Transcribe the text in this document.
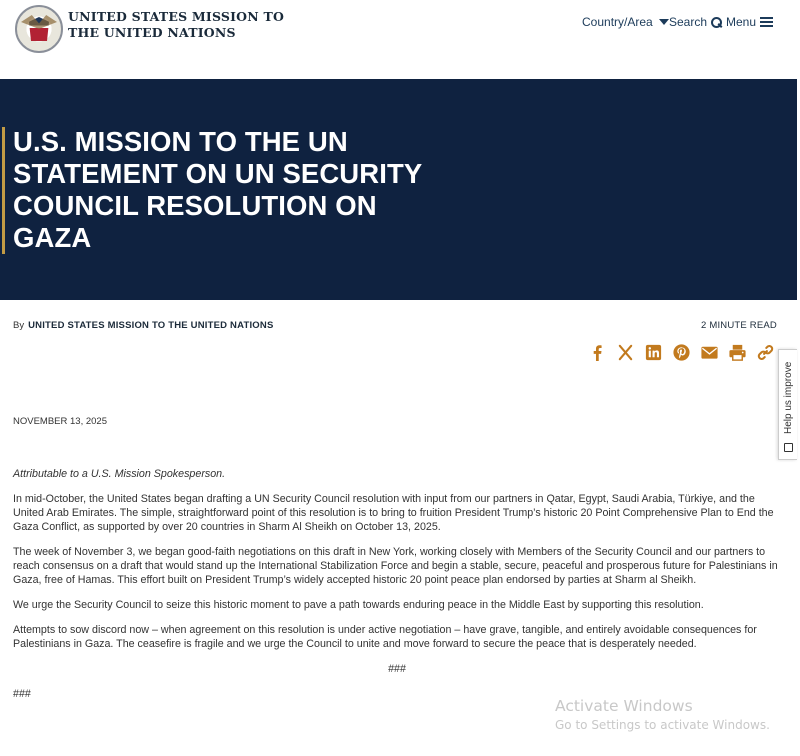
UNITED STATES MISSION TO THE UNITED NATIONS
Country/Area Search Menu
U.S. MISSION TO THE UN STATEMENT ON UN SECURITY COUNCIL RESOLUTION ON GAZA
By UNITED STATES MISSION TO THE UNITED NATIONS	2 MINUTE READ
Help us improve
NOVEMBER 13, 2025

Attributable to a U.S. Mission Spokesperson.

In mid-October, the United States began drafting a UN Security Council resolution with input from our partners in Qatar, Egypt, Saudi Arabia, Türkiye, and the United Arab Emirates. The simple, straightforward point of this resolution is to bring to fruition President Trump’s historic 20 Point Comprehensive Plan to End the Gaza Conflict, as supported by over 20 countries in Sharm Al Sheikh on October 13, 2025.

The week of November 3, we began good-faith negotiations on this draft in New York, working closely with Members of the Security Council and our partners to reach consensus on a draft that would stand up the International Stabilization Force and begin a stable, secure, peaceful and prosperous future for Palestinians in Gaza, free of Hamas. This effort built on President Trump’s widely accepted historic 20 point peace plan endorsed by parties at Sharm al Sheikh.

We urge the Security Council to seize this historic moment to pave a path towards enduring peace in the Middle East by supporting this resolution.

Attempts to sow discord now – when agreement on this resolution is under active negotiation – have grave, tangible, and entirely avoidable consequences for Palestinians in Gaza. The ceasefire is fragile and we urge the Council to unite and move forward to secure the peace that is desperately needed.

###

###

Activate Windows
Go to Settings to activate Windows.
